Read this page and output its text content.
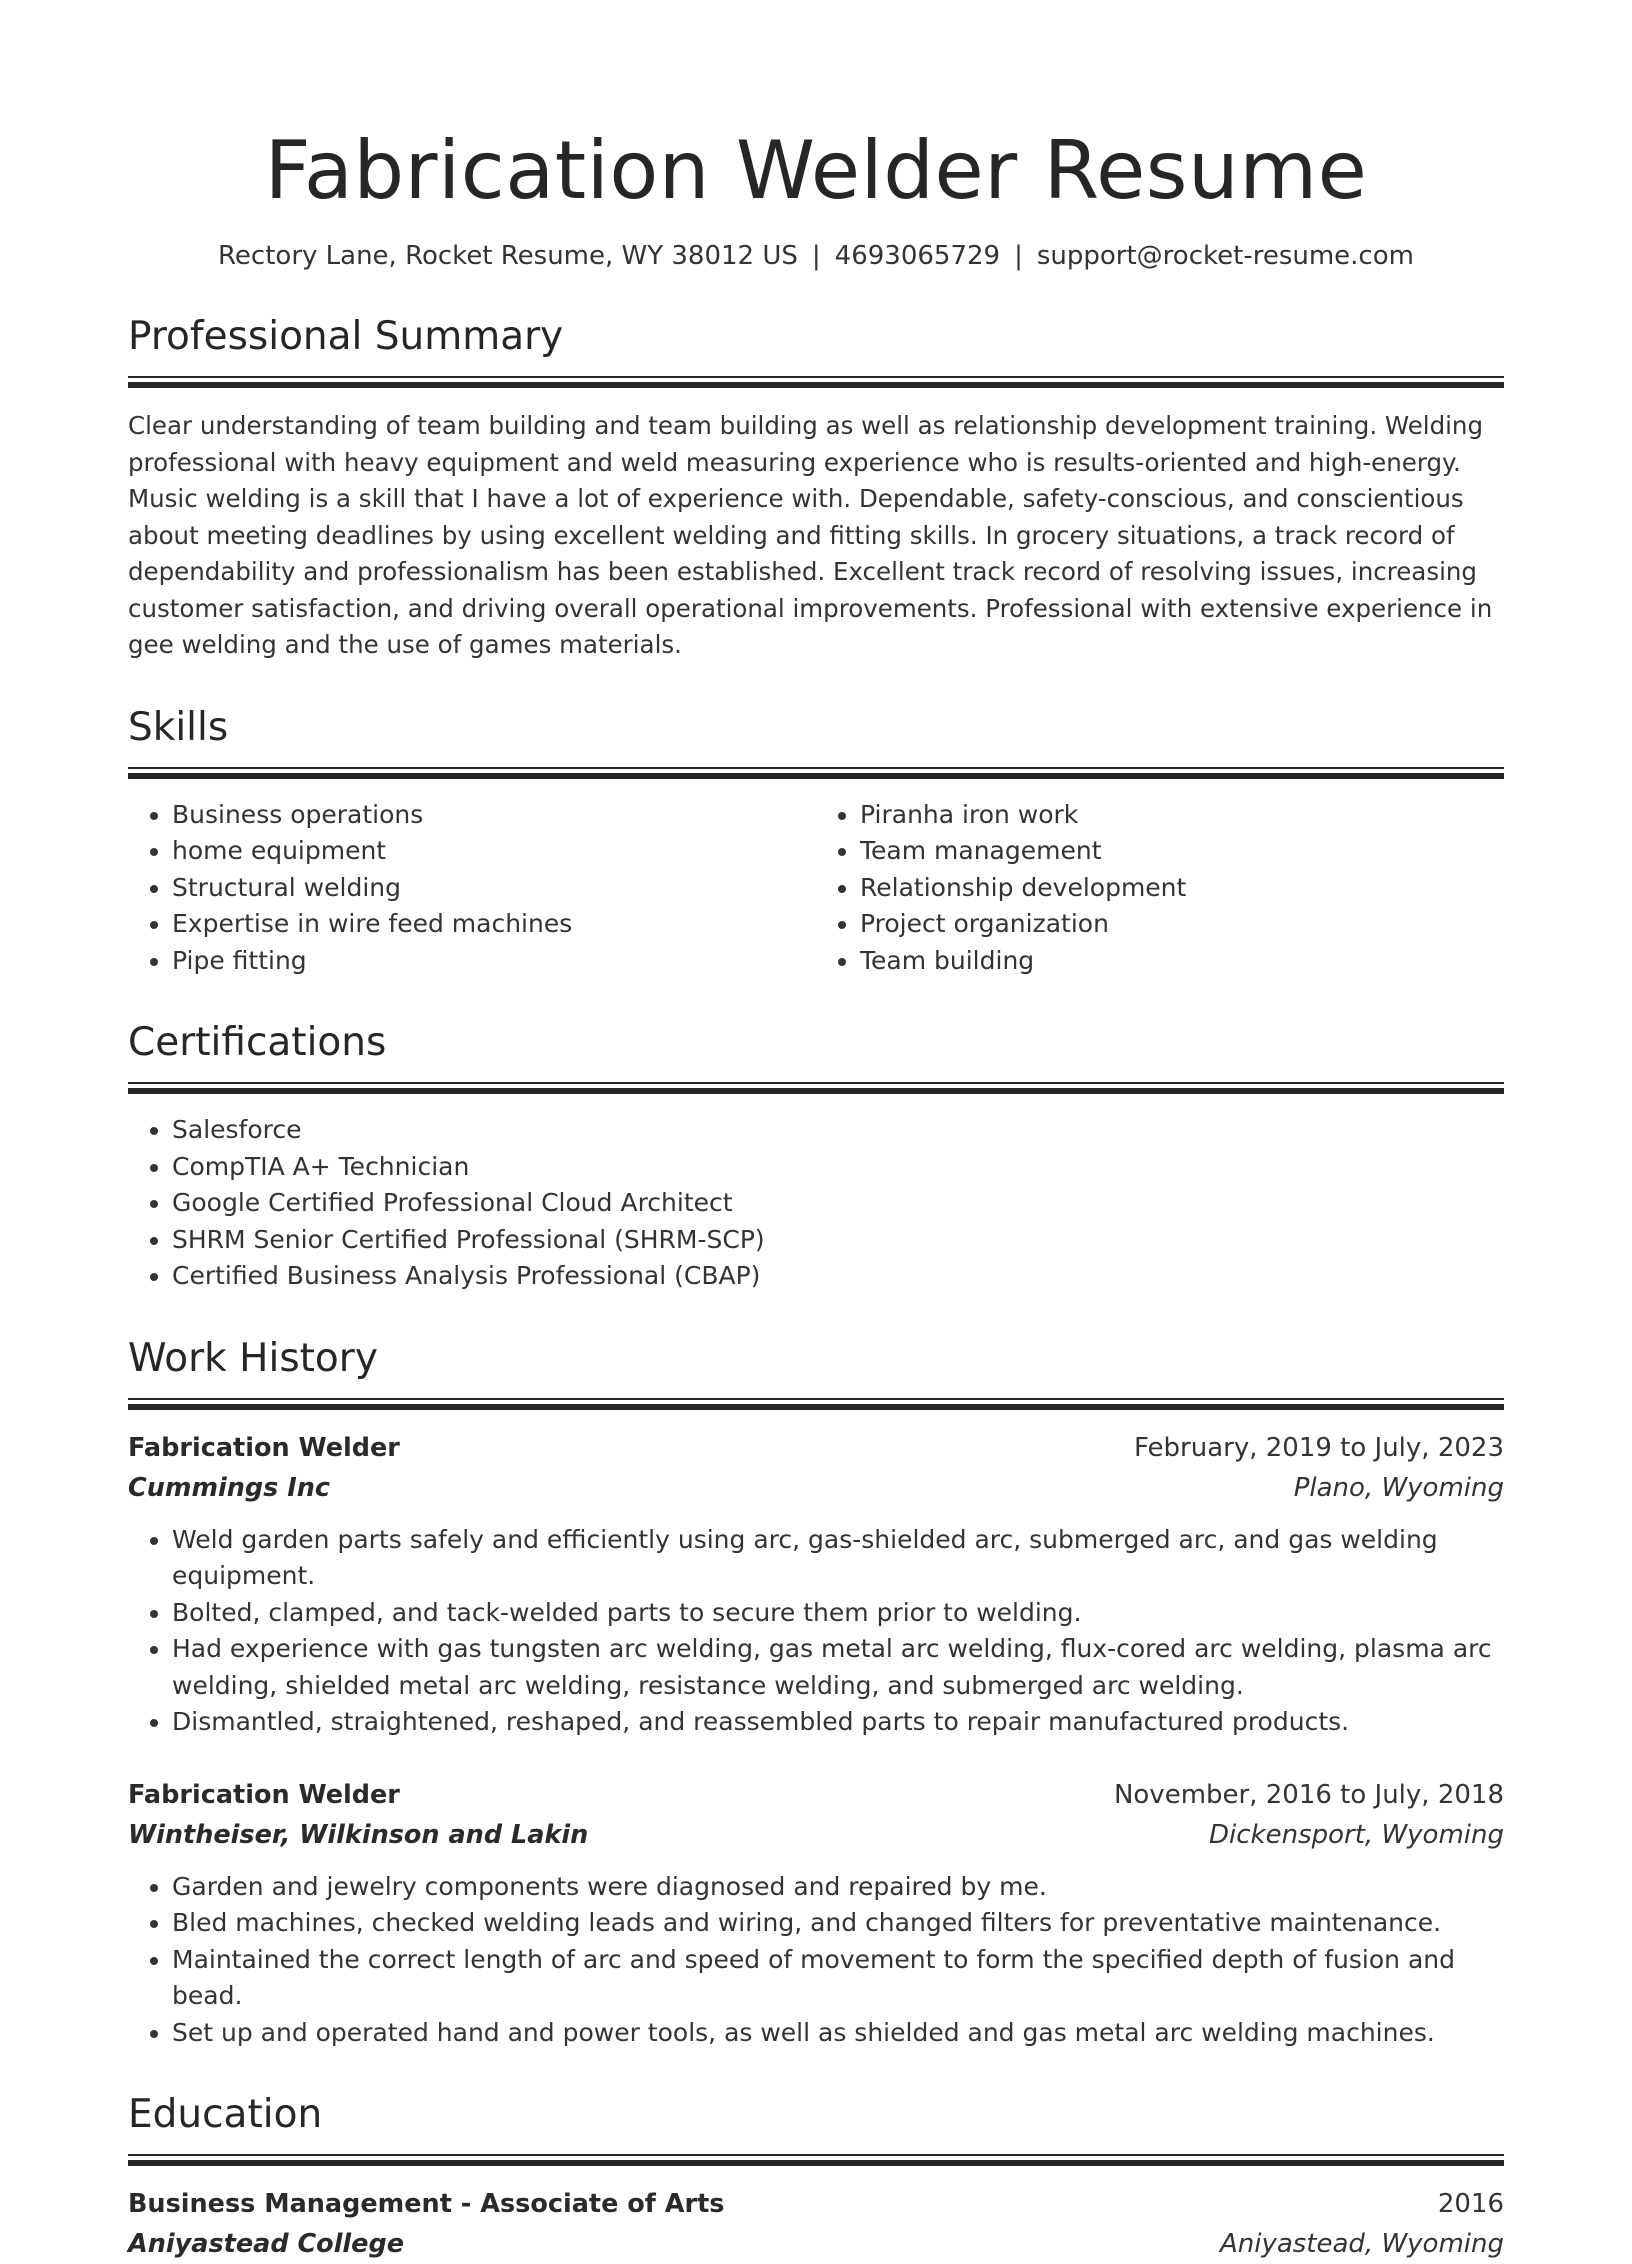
Fabrication Welder Resume
Rectory Lane, Rocket Resume, WY 38012 US | 4693065729 | support@rocket-resume.com
Professional Summary
Clear understanding of team building and team building as well as relationship development training. Welding professional with heavy equipment and weld measuring experience who is results-oriented and high-energy. Music welding is a skill that I have a lot of experience with. Dependable, safety-conscious, and conscientious about meeting deadlines by using excellent welding and fitting skills. In grocery situations, a track record of dependability and professionalism has been established. Excellent track record of resolving issues, increasing customer satisfaction, and driving overall operational improvements. Professional with extensive experience in gee welding and the use of games materials.
Skills
• Business operations
• home equipment
• Structural welding
• Expertise in wire feed machines
• Pipe fitting
• Piranha iron work
• Team management
• Relationship development
• Project organization
• Team building
Certifications
• Salesforce
• CompTIA A+ Technician
• Google Certified Professional Cloud Architect
• SHRM Senior Certified Professional (SHRM-SCP)
• Certified Business Analysis Professional (CBAP)
Work History
Fabrication Welder	February, 2019 to July, 2023
Cummings Inc	Plano, Wyoming
• Weld garden parts safely and efficiently using arc, gas-shielded arc, submerged arc, and gas welding equipment.
• Bolted, clamped, and tack-welded parts to secure them prior to welding.
• Had experience with gas tungsten arc welding, gas metal arc welding, flux-cored arc welding, plasma arc welding, shielded metal arc welding, resistance welding, and submerged arc welding.
• Dismantled, straightened, reshaped, and reassembled parts to repair manufactured products.
Fabrication Welder	November, 2016 to July, 2018
Wintheiser, Wilkinson and Lakin	Dickensport, Wyoming
• Garden and jewelry components were diagnosed and repaired by me.
• Bled machines, checked welding leads and wiring, and changed filters for preventative maintenance.
• Maintained the correct length of arc and speed of movement to form the specified depth of fusion and bead.
• Set up and operated hand and power tools, as well as shielded and gas metal arc welding machines.
Education
Business Management - Associate of Arts	2016
Aniyastead College	Aniyastead, Wyoming
